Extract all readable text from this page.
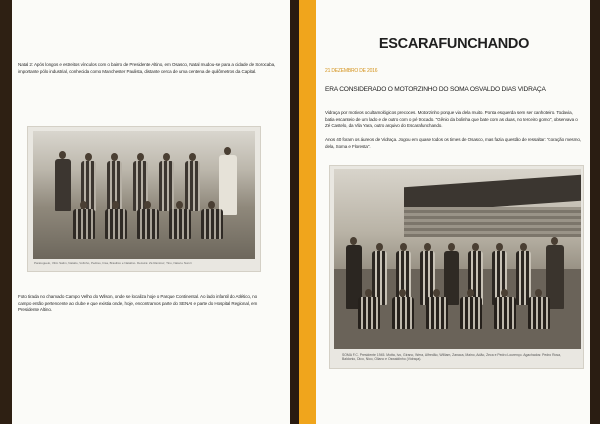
Natal 2: Após longos e estreitos vínculos com o bairro de Presidente Altino, em Osasco, Natal mudou-se para a cidade de Sorocaba, importante pólo industrial, conhecida como Manchester Paulista, distante cerca de uma centena de quilômetros da Capital.
Paratuguelo, Vilim Salim, Natalio, Vofinho, Pedrao, Irisa, Brasilico e Natalino. Dezeira: Zé Ramirez, Tino, Natal e Nunzi
Foto tirada no chamado Campo Velho do Wilson, onde se localiza hoje o Parque Continental. Ao lado infantil do Atlético, no campo então pertencente ao clube e que existia onde, hoje, encontramos parte do SENAI e parte do Hospital Regional, em Presidente Altino.
ESCARAFUNCHANDO
21 DEZEMBRO DE 2016
ERA CONSIDERADO O MOTORZINHO DO SOMA OSVALDO DIAS VIDRAÇA
Vidraça por motivos ocultamológicos precoces. Motorzinho porque via dela muito. Ponta esquerda sem ser canhoteiro. Todavia, batia escanteio de um lado e de outro com o pé trocado. "Gênio da bolinha que bate com as duas, no terceiro gomo", observava o Zé Castelo, da Vila Yara, outro arquivo do Escarafunchando.
Anos 40 foram os áureos de Vidraça. Jogou em quase todos os times de Osasco, mas fazia questão de ressaltar: "coração mesmo, dela, Soma e Floresta".
SOMA F.C. Presidente 1945. Motta, Ivo, Girano, Wera, Alfredão, William, Zanaca, Maino, Adão, Zeca e Pedro Lourenço. Agachados: Pedro Rosa, Baldonio, Dico, Nico, Oliano e Oswaldinho (Vidraça).
